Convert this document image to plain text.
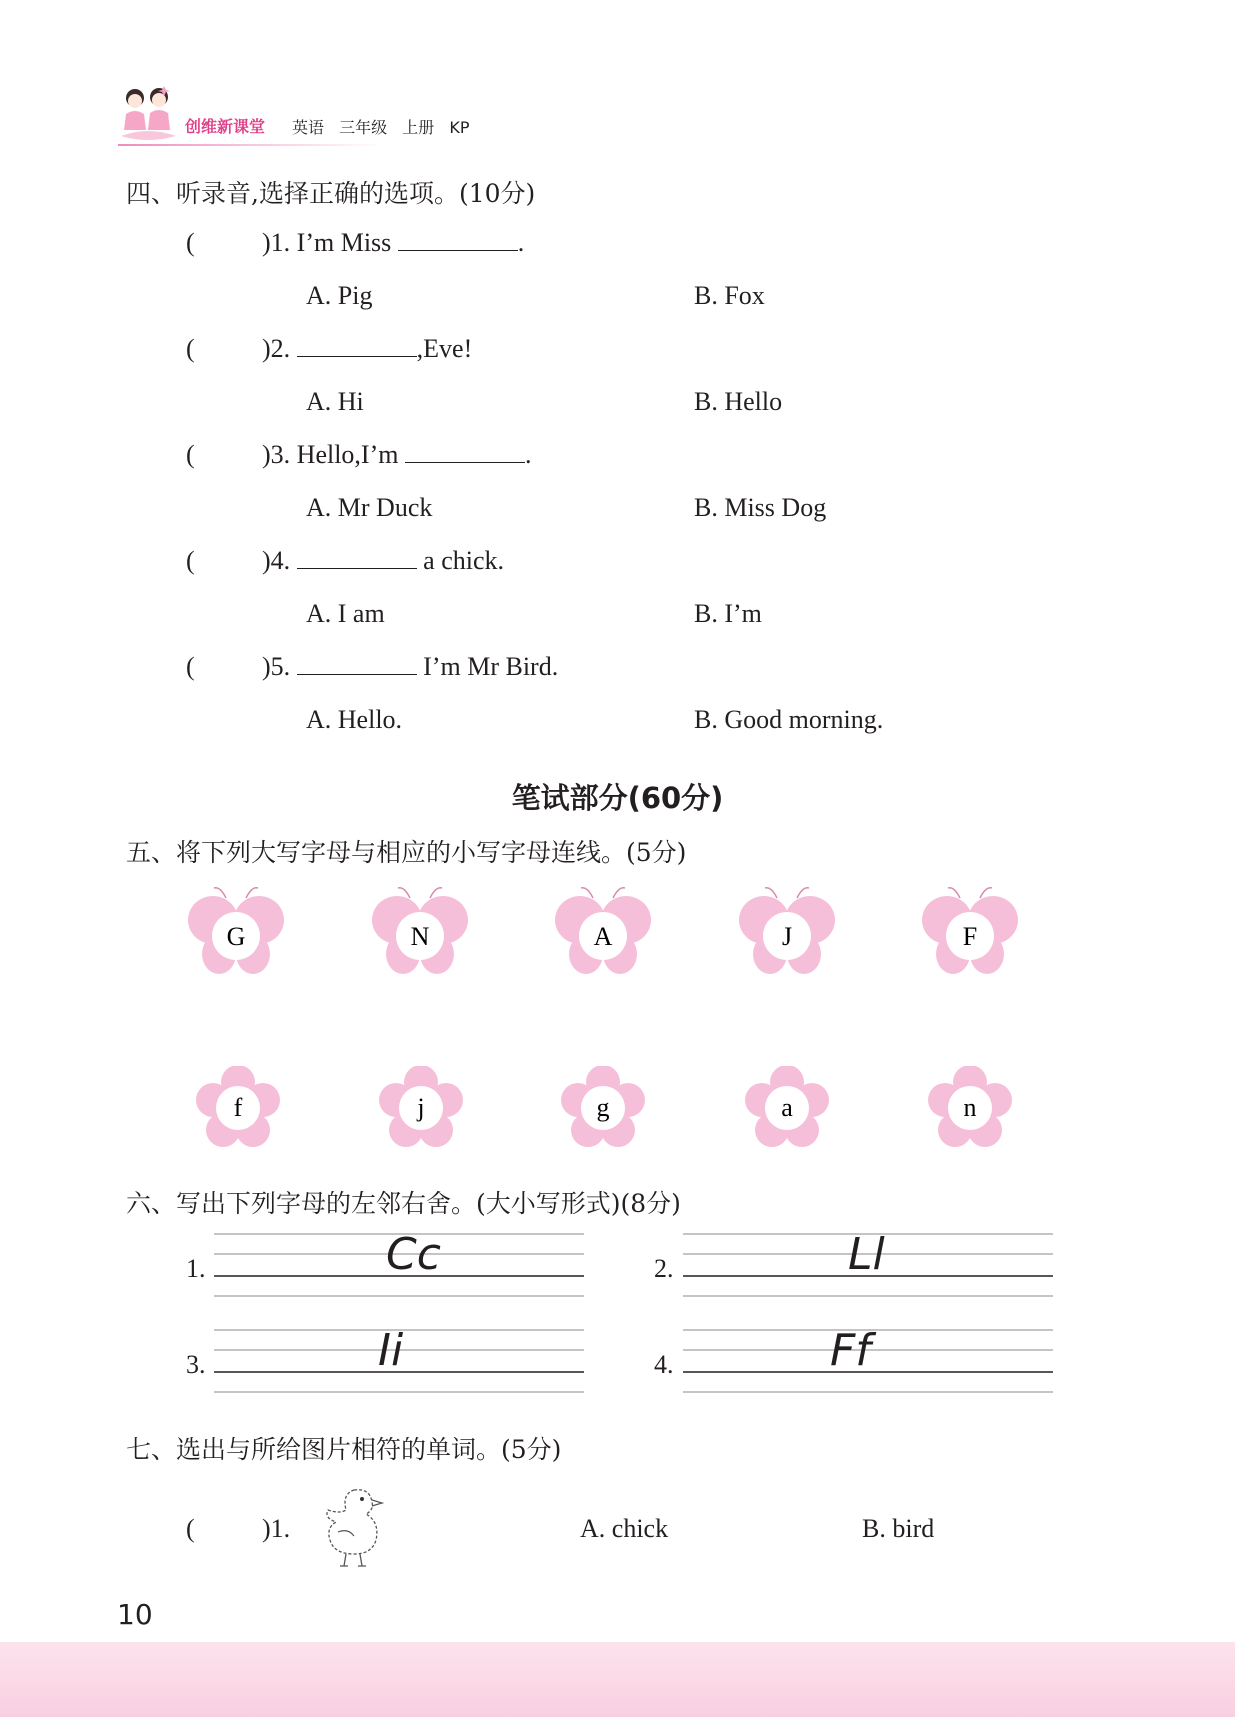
创维新课堂 英语 三年级 上册 KP
四、听录音,选择正确的选项。(10分)
(	)1. I’m Miss	.
A. Pig	B. Fox
(	)2.	,Eve!
A. Hi	B. Hello
(	)3. Hello,I’m	.
A. Mr Duck	B. Miss Dog
(	)4.	a chick.
A. I am	B. I’m
(	)5.	I’m Mr Bird.
A. Hello.	B. Good morning.
笔试部分(60分)
五、将下列大写字母与相应的小写字母连线。(5分)
G	N	A	J	F
f	j	g	a	n
六、写出下列字母的左邻右舍。(大小写形式)(8分)
1.	Cc	2.	Ll
3.	Ii	4.	Ff
七、选出与所给图片相符的单词。(5分)
(	)1.	A. chick	B. bird
10
